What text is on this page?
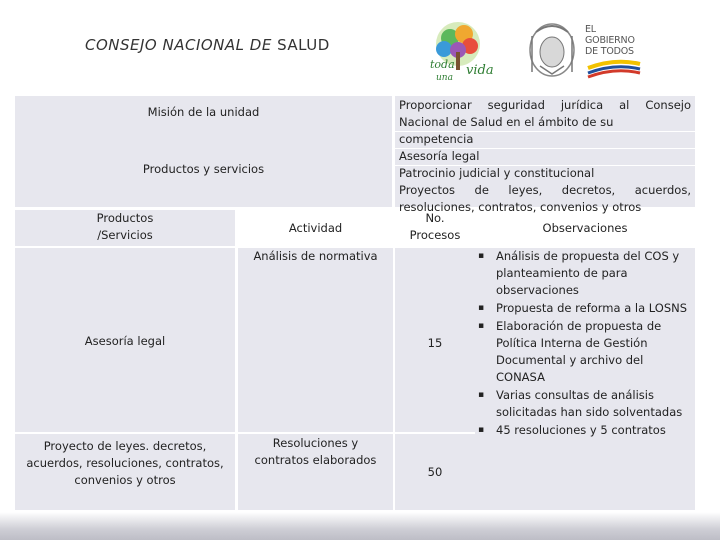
CONSEJO NACIONAL DE SALUD
toda
una vida
EL
GOBIERNO
DE TODOS
Misión de la unidad
Productos y servicios
Proporcionar seguridad jurídica al Consejo
Nacional de Salud en el ámbito de su competencia
Asesoría legal
Patrocinio judicial y constitucional
Proyectos de leyes, decretos, acuerdos,
resoluciones, contratos, convenios y otros
Productos /Servicios	Actividad
No. Procesos	Observaciones
Asesoría legal
Análisis de normativa
15
Proyecto de leyes. decretos, acuerdos, resoluciones, contratos, convenios y otros
Resoluciones y contratos elaborados
50
▪ Análisis de propuesta del COS y planteamiento de para observaciones
▪ Propuesta de reforma a la LOSNS
▪ Elaboración de propuesta de Política Interna de Gestión Documental y archivo del CONASA
▪ Varias consultas de análisis solicitadas han sido solventadas
▪ 45 resoluciones y 5 contratos
